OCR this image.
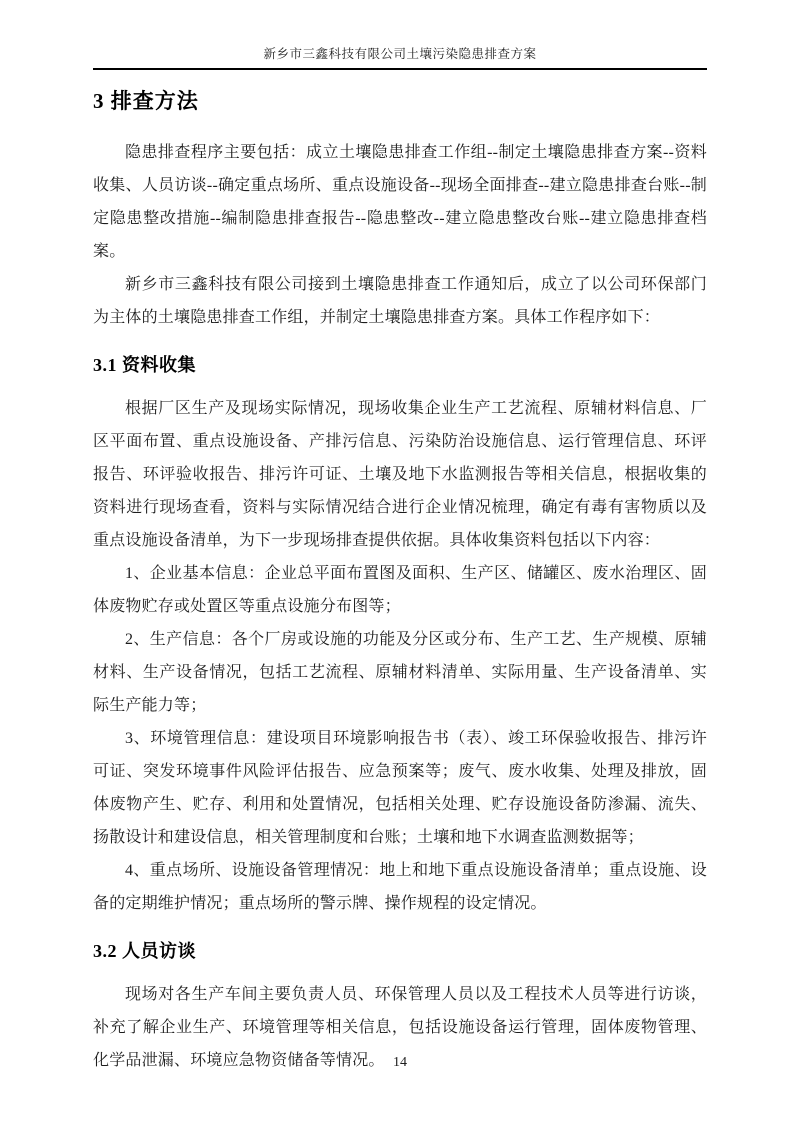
新乡市三鑫科技有限公司土壤污染隐患排查方案
3 排查方法

隐患排查程序主要包括：成立土壤隐患排查工作组--制定土壤隐患排查方案--资料收集、人员访谈--确定重点场所、重点设施设备--现场全面排查--建立隐患排查台账--制定隐患整改措施--编制隐患排查报告--隐患整改--建立隐患整改台账--建立隐患排查档案。

新乡市三鑫科技有限公司接到土壤隐患排查工作通知后，成立了以公司环保部门为主体的土壤隐患排查工作组，并制定土壤隐患排查方案。具体工作程序如下：

3.1 资料收集

根据厂区生产及现场实际情况，现场收集企业生产工艺流程、原辅材料信息、厂区平面布置、重点设施设备、产排污信息、污染防治设施信息、运行管理信息、环评报告、环评验收报告、排污许可证、土壤及地下水监测报告等相关信息，根据收集的资料进行现场查看，资料与实际情况结合进行企业情况梳理，确定有毒有害物质以及重点设施设备清单，为下一步现场排查提供依据。具体收集资料包括以下内容：

1、企业基本信息：企业总平面布置图及面积、生产区、储罐区、废水治理区、固体废物贮存或处置区等重点设施分布图等；

2、生产信息：各个厂房或设施的功能及分区或分布、生产工艺、生产规模、原辅材料、生产设备情况，包括工艺流程、原辅材料清单、实际用量、生产设备清单、实际生产能力等；

3、环境管理信息：建设项目环境影响报告书（表）、竣工环保验收报告、排污许可证、突发环境事件风险评估报告、应急预案等；废气、废水收集、处理及排放，固体废物产生、贮存、利用和处置情况，包括相关处理、贮存设施设备防渗漏、流失、扬散设计和建设信息，相关管理制度和台账；土壤和地下水调查监测数据等；

4、重点场所、设施设备管理情况：地上和地下重点设施设备清单；重点设施、设备的定期维护情况；重点场所的警示牌、操作规程的设定情况。

3.2 人员访谈

现场对各生产车间主要负责人员、环保管理人员以及工程技术人员等进行访谈，补充了解企业生产、环境管理等相关信息，包括设施设备运行管理，固体废物管理、化学品泄漏、环境应急物资储备等情况。 14
